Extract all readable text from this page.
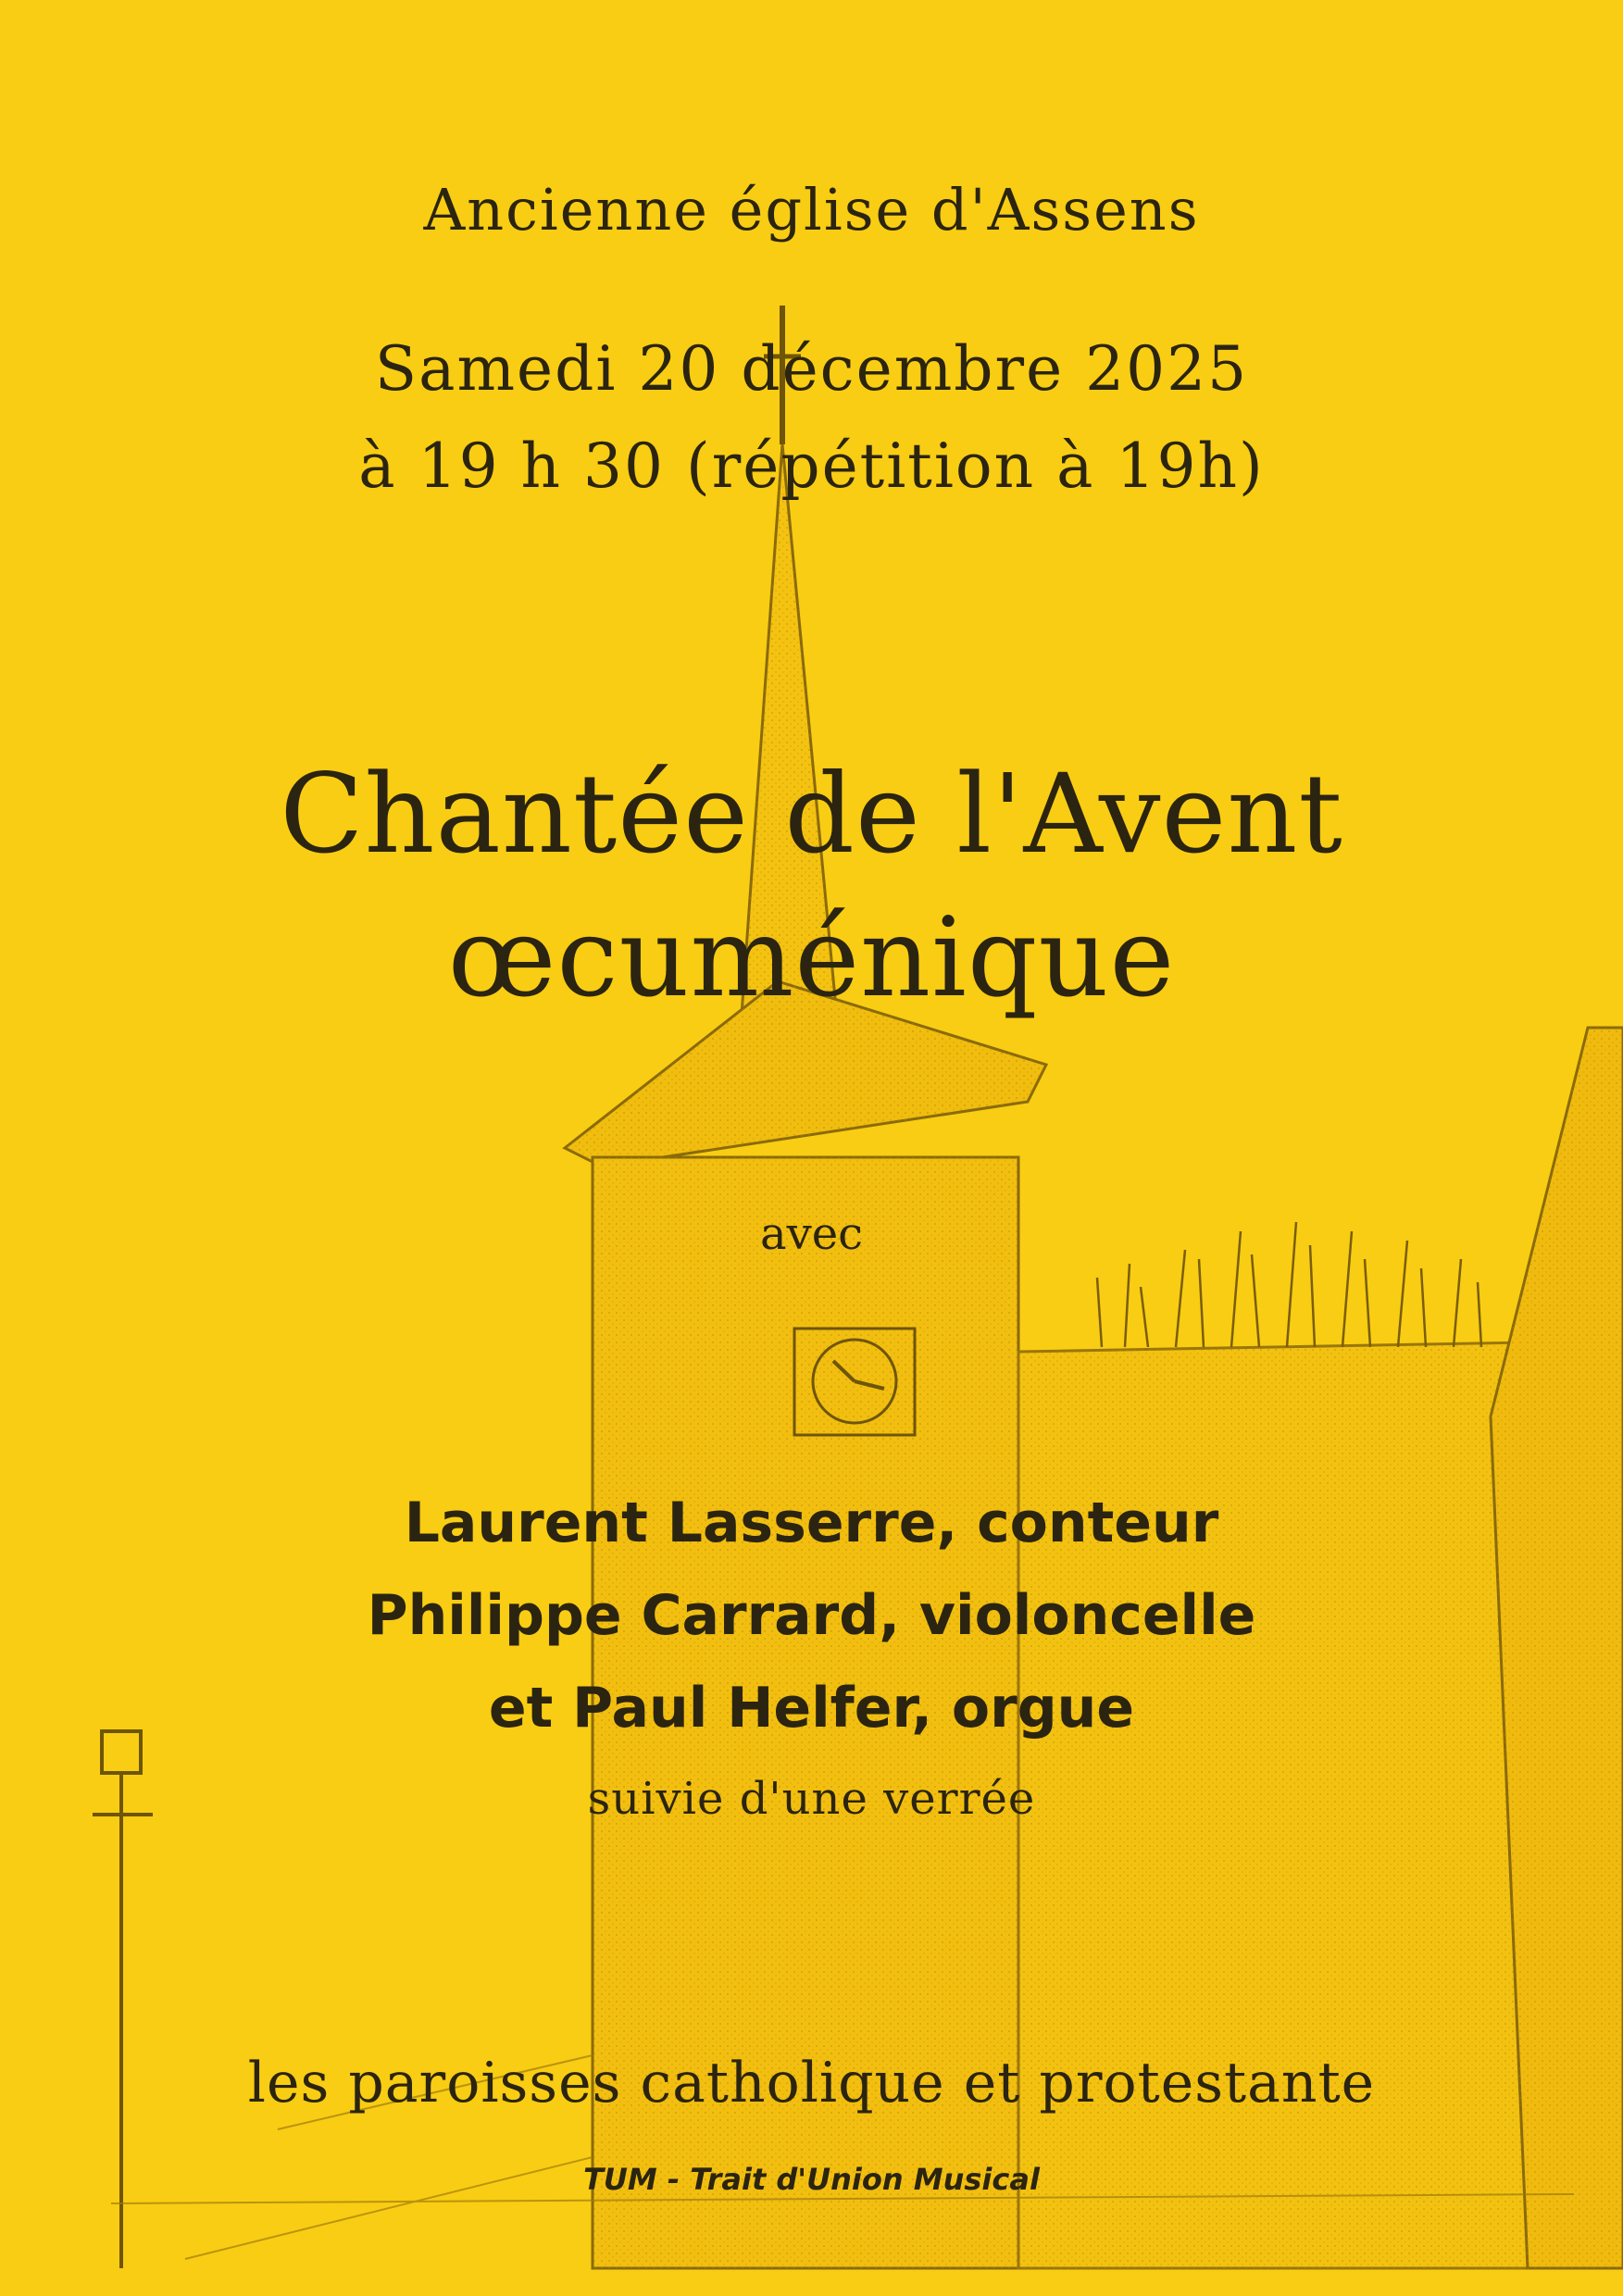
Ancienne église d'Assens
Samedi 20 décembre 2025
à 19 h 30 (répétition à 19h)
Chantée de l'Avent
œcuménique
avec
Laurent Lasserre, conteur
Philippe Carrard, violoncelle
et Paul Helfer, orgue
suivie d'une verrée
les paroisses catholique et protestante
TUM - Trait d'Union Musical
